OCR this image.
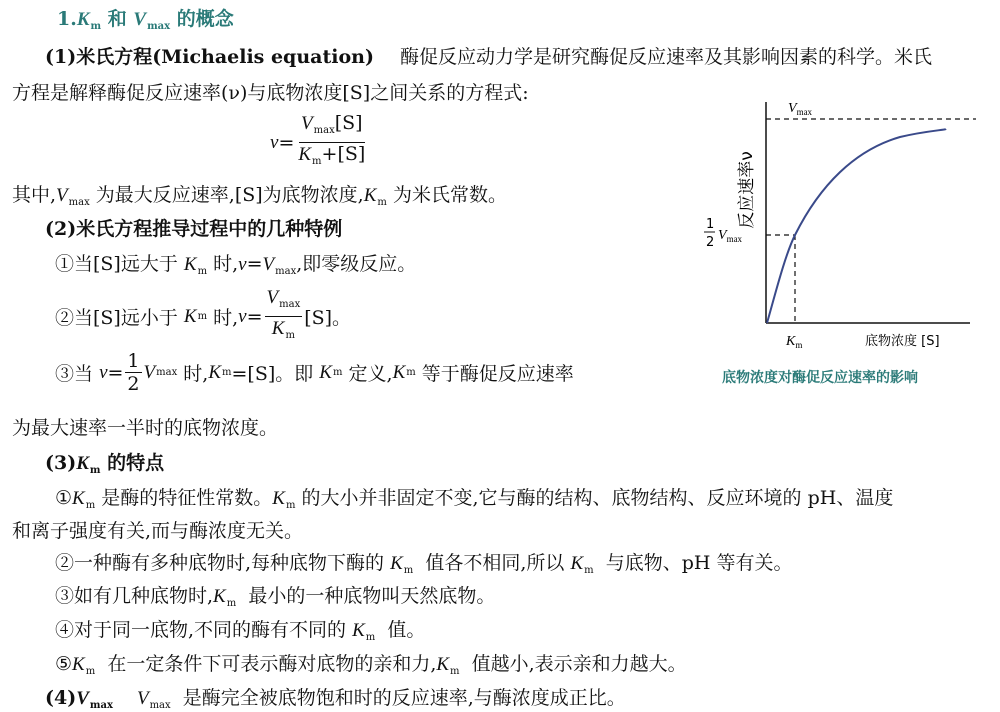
$1.K_m$ 和 $V_{max}$ 的概念
(1)米氏方程(Michaelis equation) 酶促反应动力学是研究酶促反应速率及其影响因素的科学。米氏
方程是解释酶促反应速率(ν)与底物浓度[S]之间关系的方程式:
$\nu = \frac{V_{max}[S]}{K_m+[S]}$
其中$,V_{max}$ 为最大反应速率,[S]为底物浓度$,K_m$ 为米氏常数。
(2)米氏方程推导过程中的几种特例
①当[S]远大于 $K_m$ 时$,\nu=V_{max}$,即零级反应。
②当[S]远小于
K m
时, $\nu = \frac{V_{max}}{K_m} [S]$。
③当
$\nu = \frac{1}{2}$ V max
时, K m =[S]。即
K m
定义, K m
等于酶促反应速率
为最大速率一半时的底物浓度。
$(3)K_m$ 的特点
$①K_m$ 是酶的特征性常数。$K_m$ 的大小并非固定不变,它与酶的结构、底物结构、反应环境的 pH、温度
和离子强度有关,而与酶浓度无关。
②一种酶有多种底物时,每种底物下酶的 $K_m$ 值各不相同,所以 $K_m$ 与底物、pH 等有关。
③如有几种底物时$,K_m$ 最小的一种底物叫天然底物。
④对于同一底物,不同的酶有不同的 $K_m$ 值。
$⑤K_m$ 在一定条件下可表示酶对底物的亲和力$,K_m$ 值越小,表示亲和力越大。
$(4)V_{max}$ $V_{max}$ 是酶完全被底物饱和时的反应速率,与酶浓度成正比。
反应速率ν
$V_{max}$
1
2 $V_{max}$
$K_m$	底物浓度 [S]
底物浓度对酶促反应速率的影响
